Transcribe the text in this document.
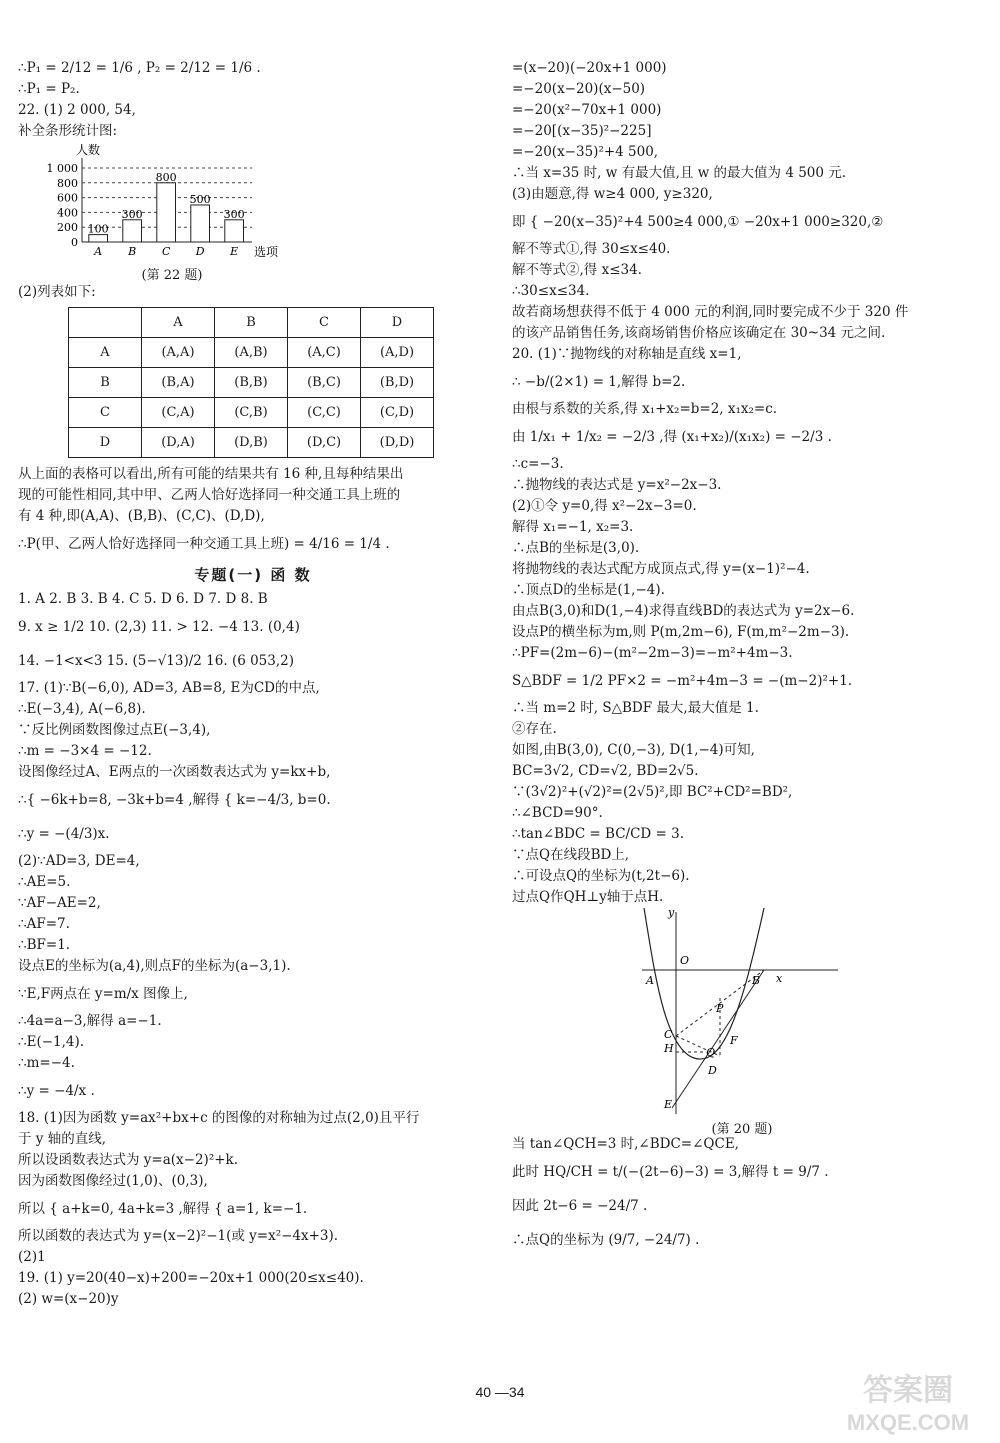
∴P₁ = 2/12 = 1/6 , P₂ = 2/12 = 1/6 .
∴P₁ = P₂.
22. (1) 2 000, 54,
补全条形统计图:
人数
选项
0
200
400
600
800
1 000
100
A
300
B
800
C
500
D
300
E
(第 22 题)
(2)列表如下:
	A	B	C	D
A	(A,A)	(A,B)	(A,C)	(A,D)
B	(B,A)	(B,B)	(B,C)	(B,D)
C	(C,A)	(C,B)	(C,C)	(C,D)
D	(D,A)	(D,B)	(D,C)	(D,D)
从上面的表格可以看出,所有可能的结果共有 16 种,且每种结果出
现的可能性相同,其中甲、乙两人恰好选择同一种交通工具上班的
有 4 种,即(A,A)、(B,B)、(C,C)、(D,D),
∴P(甲、乙两人恰好选择同一种交通工具上班) = 4/16 = 1/4 .
专题(一) 函 数
1. A 2. B 3. B 4. C 5. D 6. D 7. D 8. B
9. x ≥ 1/2 10. (2,3) 11. > 12. −4 13. (0,4)
14. −1<x<3 15. (5−√13)/2 16. (6 053,2)
17. (1)∵B(−6,0), AD=3, AB=8, E为CD的中点,
∴E(−3,4), A(−6,8).
∵反比例函数图像过点E(−3,4),
∴m = −3×4 = −12.
设图像经过A、E两点的一次函数表达式为 y=kx+b,
∴{ −6k+b=8, −3k+b=4 ,解得 { k=−4/3, b=0.
∴y = −(4/3)x.
(2)∵AD=3, DE=4,
∴AE=5.
∵AF−AE=2,
∴AF=7.
∴BF=1.
设点E的坐标为(a,4),则点F的坐标为(a−3,1).
∵E,F两点在 y=m/x 图像上,
∴4a=a−3,解得 a=−1.
∴E(−1,4).
∴m=−4.
∴y = −4/x .
18. (1)因为函数 y=ax²+bx+c 的图像的对称轴为过点(2,0)且平行
于 y 轴的直线,
所以设函数表达式为 y=a(x−2)²+k.
因为函数图像经过(1,0)、(0,3),
所以 { a+k=0, 4a+k=3 ,解得 { a=1, k=−1.
所以函数的表达式为 y=(x−2)²−1(或 y=x²−4x+3).
(2)1
19. (1) y=20(40−x)+200=−20x+1 000(20≤x≤40).
(2) w=(x−20)y
=(x−20)(−20x+1 000)
=−20(x−20)(x−50)
=−20(x²−70x+1 000)
=−20[(x−35)²−225]
=−20(x−35)²+4 500,
∴当 x=35 时, w 有最大值,且 w 的最大值为 4 500 元.
(3)由题意,得 w≥4 000, y≥320,
即 { −20(x−35)²+4 500≥4 000,① −20x+1 000≥320,②
解不等式①,得 30≤x≤40.
解不等式②,得 x≤34.
∴30≤x≤34.
故若商场想获得不低于 4 000 元的利润,同时要完成不少于 320 件
的该产品销售任务,该商场销售价格应该确定在 30~34 元之间.
20. (1)∵抛物线的对称轴是直线 x=1,
∴ −b/(2×1) = 1,解得 b=2.
由根与系数的关系,得 x₁+x₂=b=2, x₁x₂=c.
由 1/x₁ + 1/x₂ = −2/3 ,得 (x₁+x₂)/(x₁x₂) = −2/3 .
∴c=−3.
∴抛物线的表达式是 y=x²−2x−3.
(2)①令 y=0,得 x²−2x−3=0.
解得 x₁=−1, x₂=3.
∴点B的坐标是(3,0).
将抛物线的表达式配方成顶点式,得 y=(x−1)²−4.
∴顶点D的坐标是(1,−4).
由点B(3,0)和D(1,−4)求得直线BD的表达式为 y=2x−6.
设点P的横坐标为m,则 P(m,2m−6), F(m,m²−2m−3).
∴PF=(2m−6)−(m²−2m−3)=−m²+4m−3.
S△BDF = 1/2 PF×2 = −m²+4m−3 = −(m−2)²+1.
∴当 m=2 时, S△BDF 最大,最大值是 1.
②存在.
如图,由B(3,0), C(0,−3), D(1,−4)可知,
BC=3√2, CD=√2, BD=2√5.
∵(3√2)²+(√2)²=(2√5)²,即 BC²+CD²=BD²,
∴∠BCD=90°.
∴tan∠BDC = BC/CD = 3.
∵点Q在线段BD上,
∴可设点Q的坐标为(t,2t−6).
过点Q作QH⊥y轴于点H.
y
O
A	B x
P
C
H
F
Q
D
E
(第 20 题)
当 tan∠QCH=3 时,∠BDC=∠QCE,
此时 HQ/CH = t/(−(2t−6)−3) = 3,解得 t = 9/7 .
因此 2t−6 = −24/7 .
∴点Q的坐标为 (9/7, −24/7) .
40 —34	答案圈
MXQE.COM
